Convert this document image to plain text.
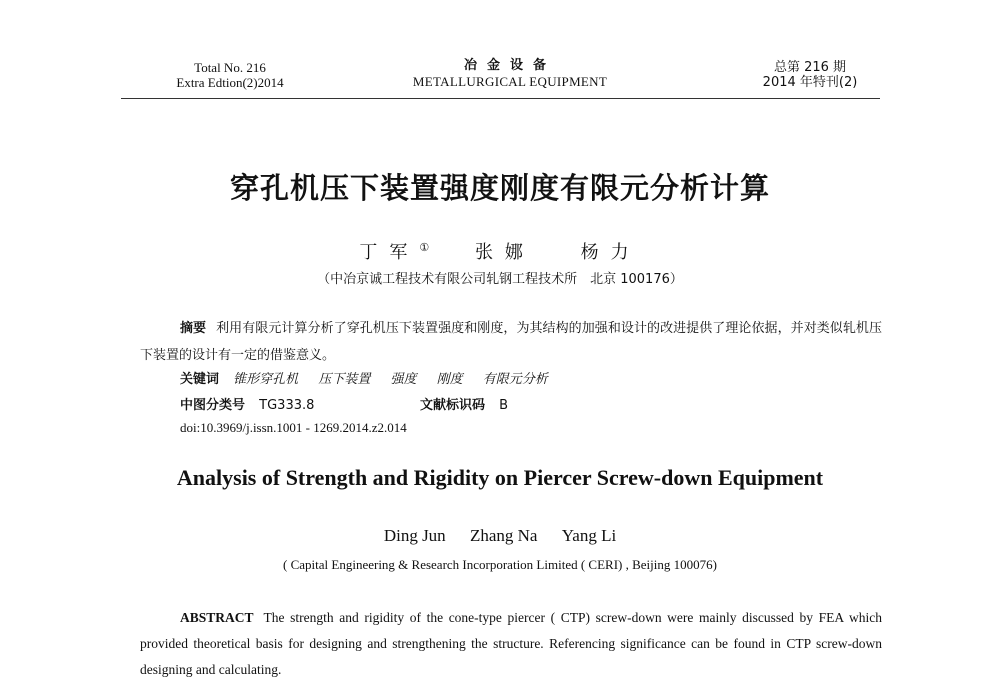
Total No. 216
Extra Edtion(2)2014
冶金设备
METALLURGICAL EQUIPMENT
总第 216 期
2014 年特刊(2)
穿孔机压下装置强度刚度有限元分析计算
丁军①	张娜	杨力
（中冶京诚工程技术有限公司轧钢工程技术所　北京 100176）
摘要 利用有限元计算分析了穿孔机压下装置强度和刚度，为其结构的加强和设计的改进提供了理论依据，并对类似轧机压下装置的设计有一定的借鉴意义。
关键词 锥形穿孔机 压下装置 强度 刚度 有限元分析
中图分类号 TG333.8	文献标识码 B
doi:10.3969/j.issn.1001 - 1269.2014.z2.014
Analysis of Strength and Rigidity on Piercer Screw-down Equipment
Ding Jun Zhang Na Yang Li
( Capital Engineering & Research Incorporation Limited ( CERI) , Beijing 100076)
ABSTRACT The strength and rigidity of the cone-type piercer ( CTP) screw-down were mainly discussed by FEA which provided theoretical basis for designing and strengthening the structure. Referencing significance can be found in CTP screw-down designing and calculating.
